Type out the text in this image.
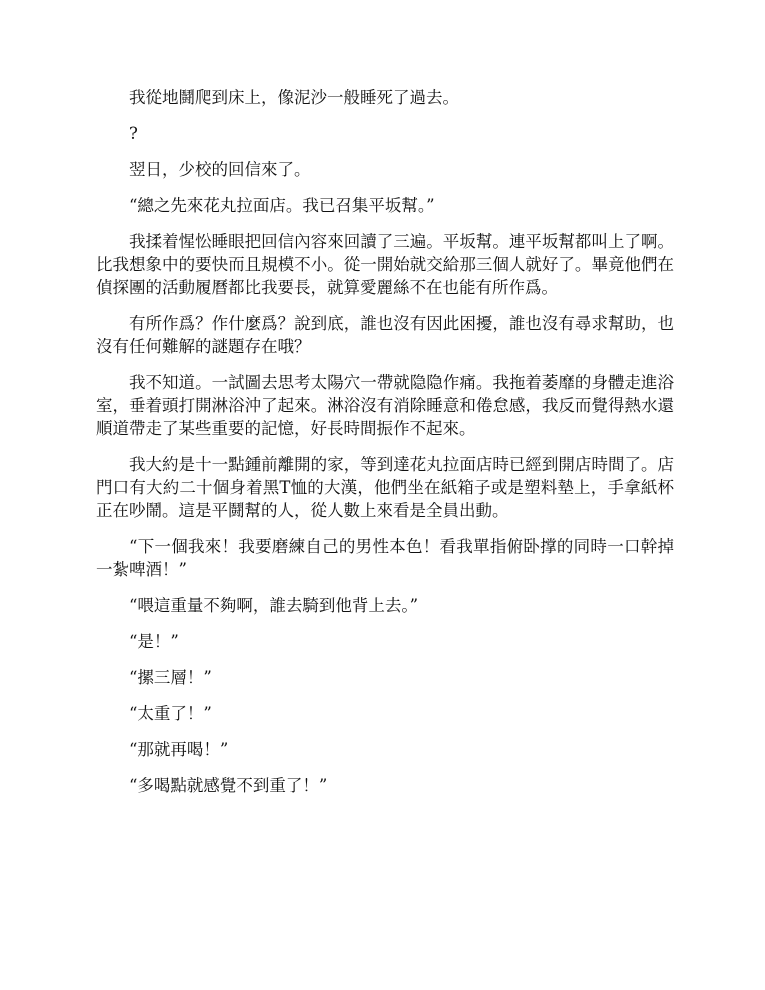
我從地鬪爬到床上，像泥沙一般睡死了過去。

?

翌日，少校的回信來了。

“總之先來花丸拉面店。我已召集平坂幫。”

我揉着惺忪睡眼把回信內容來回讀了三遍。平坂幫。連平坂幫都叫上了啊。比我想象中的要快而且規模不小。從一開始就交給那三個人就好了。畢竟他們在偵探團的活動履曆都比我要長，就算愛麗絲不在也能有所作爲。

有所作爲？作什麼爲？說到底，誰也沒有因此困擾，誰也沒有尋求幫助，也沒有任何難解的謎題存在哦？

我不知道。一試圖去思考太陽穴一帶就隐隐作痛。我拖着萎靡的身體走進浴室，垂着頭打開淋浴沖了起來。淋浴沒有消除睡意和倦怠感，我反而覺得熱水還順道帶走了某些重要的記憶，好長時間振作不起來。

我大約是十一點鍾前離開的家，等到達花丸拉面店時已經到開店時間了。店門口有大約二十個身着黑T恤的大漢，他們坐在紙箱子或是塑料墊上，手拿紙杯正在吵鬧。這是平鬪幫的人，從人數上來看是全員出動。

“下一個我來！我要磨練自己的男性本色！看我單指俯卧撑的同時一口幹掉一紮啤酒！”

“喂這重量不夠啊，誰去騎到他背上去。”

“是！”

“摞三層！”

“太重了！”

“那就再喝！”

“多喝點就感覺不到重了！”
